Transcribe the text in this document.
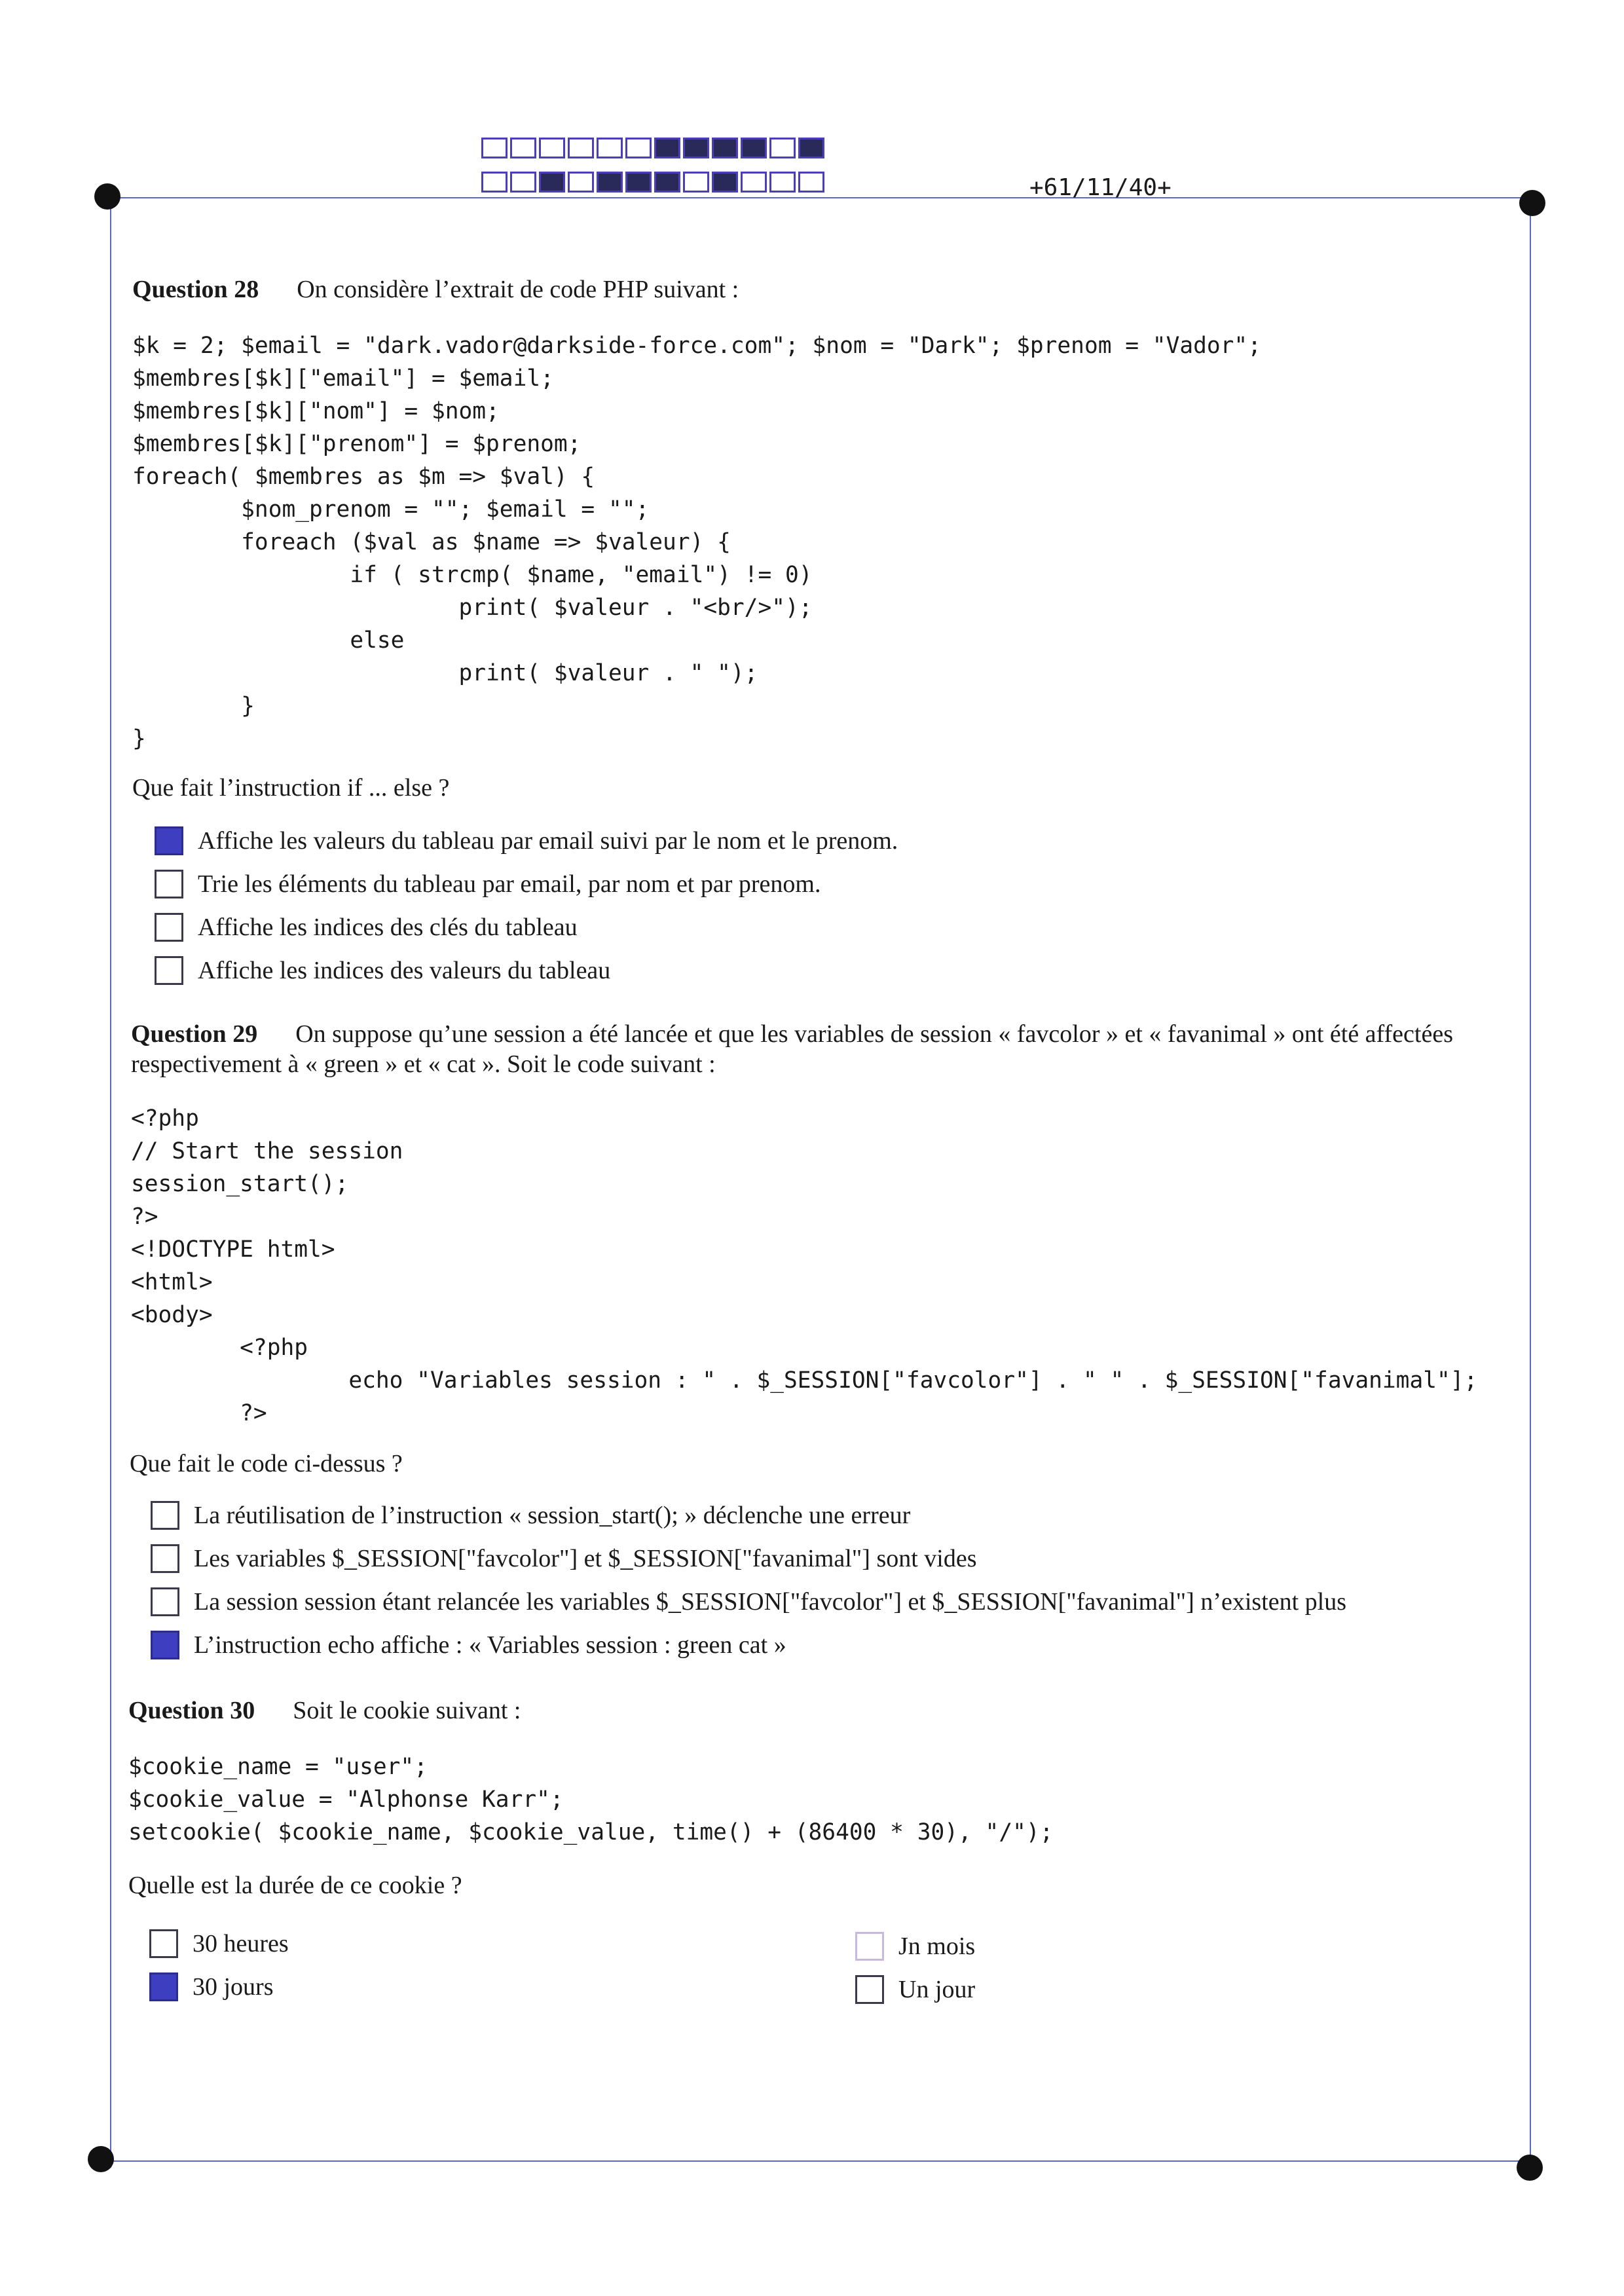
+61/11/40+
Question 28 On considère l’extrait de code PHP suivant :
$k = 2; $email = "dark.vador@darkside-force.com"; $nom = "Dark"; $prenom = "Vador";
$membres[$k]["email"] = $email;
$membres[$k]["nom"] = $nom;
$membres[$k]["prenom"] = $prenom;
foreach( $membres as $m => $val) {
$nom_prenom = ""; $email = "";
foreach ($val as $name => $valeur) {
if ( strcmp( $name, "email") != 0)
print( $valeur . "<br/>");
else
print( $valeur . " ");
}
}
Que fait l’instruction if ... else ?
Affiche les valeurs du tableau par email suivi par le nom et le prenom.
Trie les éléments du tableau par email, par nom et par prenom.
Affiche les indices des clés du tableau
Affiche les indices des valeurs du tableau
Question 29 On suppose qu’une session a été lancée et que les variables de session « favcolor » et « favanimal » ont été affectées respectivement à « green » et « cat ». Soit le code suivant :
<?php
// Start the session
session_start();
?>
<!DOCTYPE html>
<html>
<body>
<?php
echo "Variables session : " . $_SESSION["favcolor"] . " " . $_SESSION["favanimal"];
?>
Que fait le code ci-dessus ?
La réutilisation de l’instruction « session_start(); » déclenche une erreur
Les variables $_SESSION["favcolor"] et $_SESSION["favanimal"] sont vides
La session session étant relancée les variables $_SESSION["favcolor"] et $_SESSION["favanimal"] n’existent plus
L’instruction echo affiche : « Variables session : green cat »
Question 30 Soit le cookie suivant :
$cookie_name = "user";
$cookie_value = "Alphonse Karr";
setcookie( $cookie_name, $cookie_value, time() + (86400 * 30), "/");
Quelle est la durée de ce cookie ?
30 heures
30 jours
Jn mois
Un jour
